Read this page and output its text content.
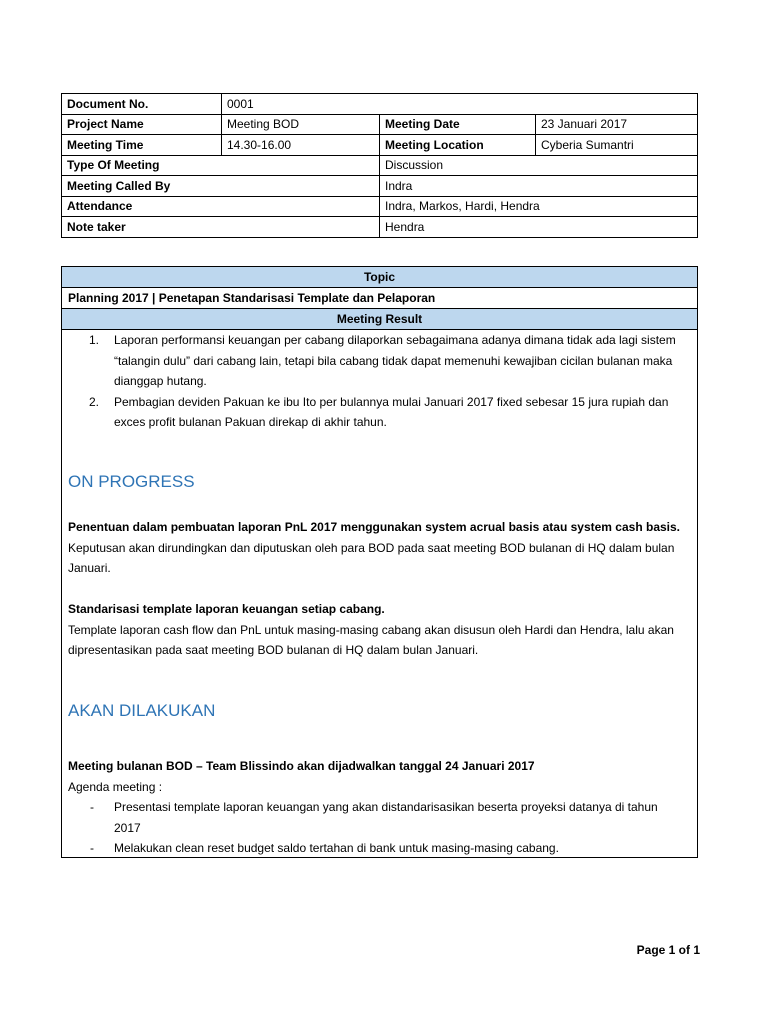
Document No.	0001		
Project Name	Meeting BOD	Meeting Date	23 Januari 2017
Meeting Time	14.30-16.00	Meeting Location	Cyberia Sumantri
Type Of Meeting		Discussion	
Meeting Called By		Indra	
Attendance		Indra, Markos, Hardi, Hendra	
Note taker		Hendra	
Topic
Planning 2017 | Penetapan Standarisasi Template dan Pelaporan
Meeting Result
1. Laporan performansi keuangan per cabang dilaporkan sebagaimana adanya dimana tidak ada lagi sistem “talangin dulu” dari cabang lain, tetapi bila cabang tidak dapat memenuhi kewajiban cicilan bulanan maka dianggap hutang.
2. Pembagian deviden Pakuan ke ibu Ito per bulannya mulai Januari 2017 fixed sebesar 15 jura rupiah dan exces profit bulanan Pakuan direkap di akhir tahun.
ON PROGRESS
Penentuan dalam pembuatan laporan PnL 2017 menggunakan system acrual basis atau system cash basis.
Keputusan akan dirundingkan dan diputuskan oleh para BOD pada saat meeting BOD bulanan di HQ dalam bulan Januari.
Standarisasi template laporan keuangan setiap cabang.
Template laporan cash flow dan PnL untuk masing-masing cabang akan disusun oleh Hardi dan Hendra, lalu akan dipresentasikan pada saat meeting BOD bulanan di HQ dalam bulan Januari.
AKAN DILAKUKAN
Meeting bulanan BOD – Team Blissindo akan dijadwalkan tanggal 24 Januari 2017
Agenda meeting :
- Presentasi template laporan keuangan yang akan distandarisasikan beserta proyeksi datanya di tahun 2017
- Melakukan clean reset budget saldo tertahan di bank untuk masing-masing cabang.
Page 1 of 1
